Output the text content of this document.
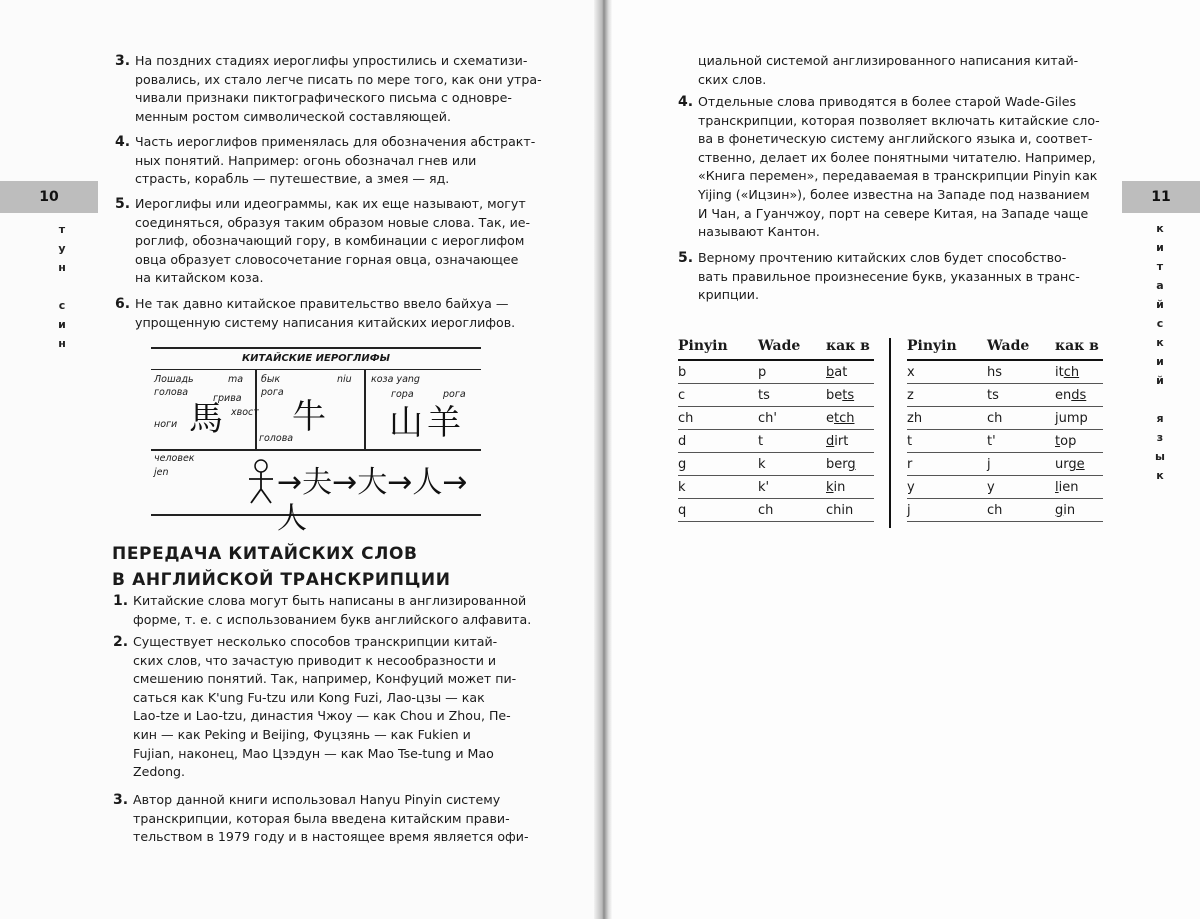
10
т
у
н
с
и
н
11
к
и
т
а
й
с
к
и
й
я
з
ы
к
3. На поздних стадиях иероглифы упростились и схематизи-

ровались, их стало легче писать по мере того, как они утра-

чивали признаки пиктографического письма с одновре-

менным ростом символической составляющей.

4. Часть иероглифов применялась для обозначения абстракт-

ных понятий. Например: огонь обозначал гнев или

страсть, корабль — путешествие, а змея — яд.

5. Иероглифы или идеограммы, как их еще называют, могут

соединяться, образуя таким образом новые слова. Так, ие-

роглиф, обозначающий гору, в комбинации с иероглифом

овца образует словосочетание горная овца, означающее

на китайском коза.

6. Не так давно китайское правительство ввело байхуа —

упрощенную систему написания китайских иероглифов.

КИТАЙСКИЕ ИЕРОГЛИФЫ
Лошадь	ma
голова
грива
хвост
ноги 馬
бык	niu
рога
голова
牛
коза yang
гора	рога
山羊
человек
jen	→夫→大→人→人
ПЕРЕДАЧА КИТАЙСКИХ СЛОВ
В АНГЛИЙСКОЙ ТРАНСКРИПЦИИ
1. Китайские слова могут быть написаны в англизированной

форме, т. е. с использованием букв английского алфавита.

2. Существует несколько способов транскрипции китай-

ских слов, что зачастую приводит к несообразности и

смешению понятий. Так, например, Конфуций может пи-

саться как K'ung Fu-tzu или Kong Fuzi, Лао-цзы — как

Lao-tze и Lao-tzu, династия Чжоу — как Chou и Zhou, Пе-

кин — как Peking и Beijing, Фуцзянь — как Fukien и

Fujian, наконец, Мао Цзэдун — как Mao Tse-tung и Mao

Zedong.

3. Автор данной книги использовал Hanyu Pinyin систему

транскрипции, которая была введена китайским прави-

тельством в 1979 году и в настоящее время является офи-

циальной системой англизированного написания китай-

ских слов.

4. Отдельные слова приводятся в более старой Wade-Giles

транскрипции, которая позволяет включать китайские сло-

ва в фонетическую систему английского языка и, соответ-

ственно, делает их более понятными читателю. Например,

«Книга перемен», передаваемая в транскрипции Pinyin как

Yijing («Ицзин»), более известна на Западе под названием

И Чан, а Гуанчжоу, порт на севере Китая, на Западе чаще

называют Кантон.

5. Верному прочтению китайских слов будет способство-

вать правильное произнесение букв, указанных в транс-

крипции.

Pinyin	Wade	как в
b	p	bat
c	ts	bets
ch	ch'	etch
d	t	dirt
g	k	berg
k	k'	kin
q	ch	chin
Pinyin	Wade	как в
x	hs	itch
z	ts	ends
zh	ch	jump
t	t'	top
r	j	urge
y	y	lien
j	ch	gin
